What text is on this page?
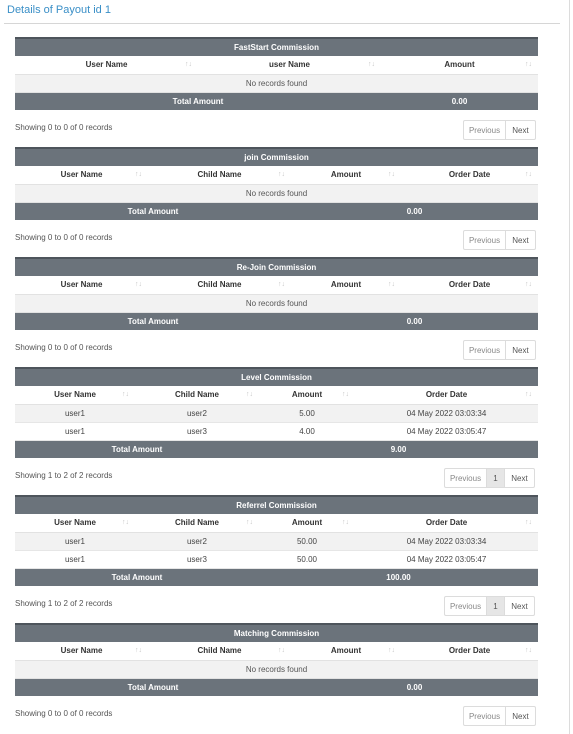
Details of Payout id 1
FastStart Commission		
User Name ↑↓	user Name ↑↓	Amount ↑↓

No records found		
Total Amount		0.00
Showing 0 to 0 of 0 records	Previous	Next
join Commission			
User Name ↑↓	Child Name ↑↓	Amount ↑↓	Order Date ↑↓

No records found			
Total Amount		0.00	
Showing 0 to 0 of 0 records	Previous	Next
Re-Join Commission			
User Name ↑↓	Child Name ↑↓	Amount ↑↓	Order Date ↑↓

No records found			
Total Amount		0.00	
Showing 0 to 0 of 0 records	Previous	Next
Level Commission			
User Name ↑↓	Child Name ↑↓	Amount ↑↓	Order Date ↑↓

user1	user2	5.00	04 May 2022 03:03:34
user1	user3	4.00	04 May 2022 03:05:47
Total Amount		9.00	
Showing 1 to 2 of 2 records	Previous	1	Next
Referrel Commission			
User Name ↑↓	Child Name ↑↓	Amount ↑↓	Order Date ↑↓

user1	user2	50.00	04 May 2022 03:03:34
user1	user3	50.00	04 May 2022 03:05:47
Total Amount		100.00	
Showing 1 to 2 of 2 records	Previous	1	Next
Matching Commission			
User Name ↑↓	Child Name ↑↓	Amount ↑↓	Order Date ↑↓

No records found			
Total Amount		0.00	
Showing 0 to 0 of 0 records	Previous	Next
